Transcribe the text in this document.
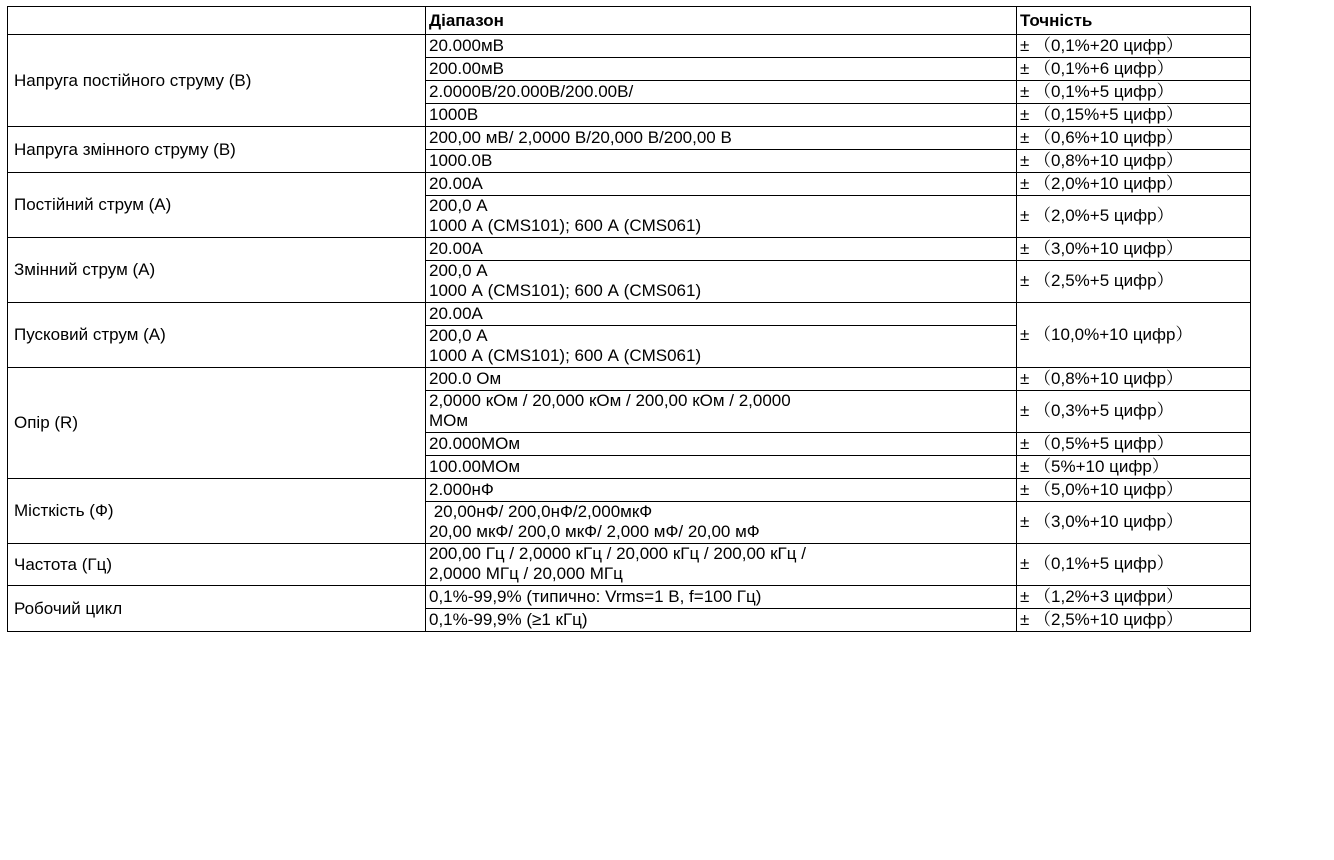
	Діапазон	Точність
Напруга постійного струму (В)	20.000мВ	± （0,1%+20 цифр）

	200.00мВ	± （0,1%+6 цифр）

	2.0000В/20.000В/200.00В/	± （0,1%+5 цифр）

	1000В	± （0,15%+5 цифр）
Напруга змінного струму (В)	200,00 мВ/ 2,0000 В/20,000 В/200,00 В	± （0,6%+10 цифр）

	1000.0В	± （0,8%+10 цифр）
Постійний струм (А)	20.00А	± （2,0%+10 цифр）

	200,0 А
1000 А (CMS101); 600 А (CMS061)	± （2,0%+5 цифр）
Змінний струм (А)	20.00А	± （3,0%+10 цифр）

	200,0 А
1000 А (CMS101); 600 А (CMS061)	± （2,5%+5 цифр）
Пусковий струм (А)	20.00А	± （10,0%+10 цифр）

	200,0 А
1000 А (CMS101); 600 А (CMS061)	

Опір (R)	200.0 Ом	± （0,8%+10 цифр）

	2,0000 кОм / 20,000 кОм / 200,00 кОм / 2,0000
МОм	± （0,3%+5 цифр）

	20.000МОм	± （0,5%+5 цифр）

	100.00МОм	± （5%+10 цифр）
Місткість (Ф)	2.000нФ	± （5,0%+10 цифр）

	20,00нФ/ 200,0нФ/2,000мкФ
20,00 мкФ/ 200,0 мкФ/ 2,000 мФ/ 20,00 мФ	± （3,0%+10 цифр）
Частота (Гц)	200,00 Гц / 2,0000 кГц / 20,000 кГц / 200,00 кГц /
2,0000 МГц / 20,000 МГц	± （0,1%+5 цифр）
Робочий цикл	0,1%-99,9% (типично: Vrms=1 В, f=100 Гц)	± （1,2%+3 цифри）

	0,1%-99,9% (≥1 кГц)	± （2,5%+10 цифр）
